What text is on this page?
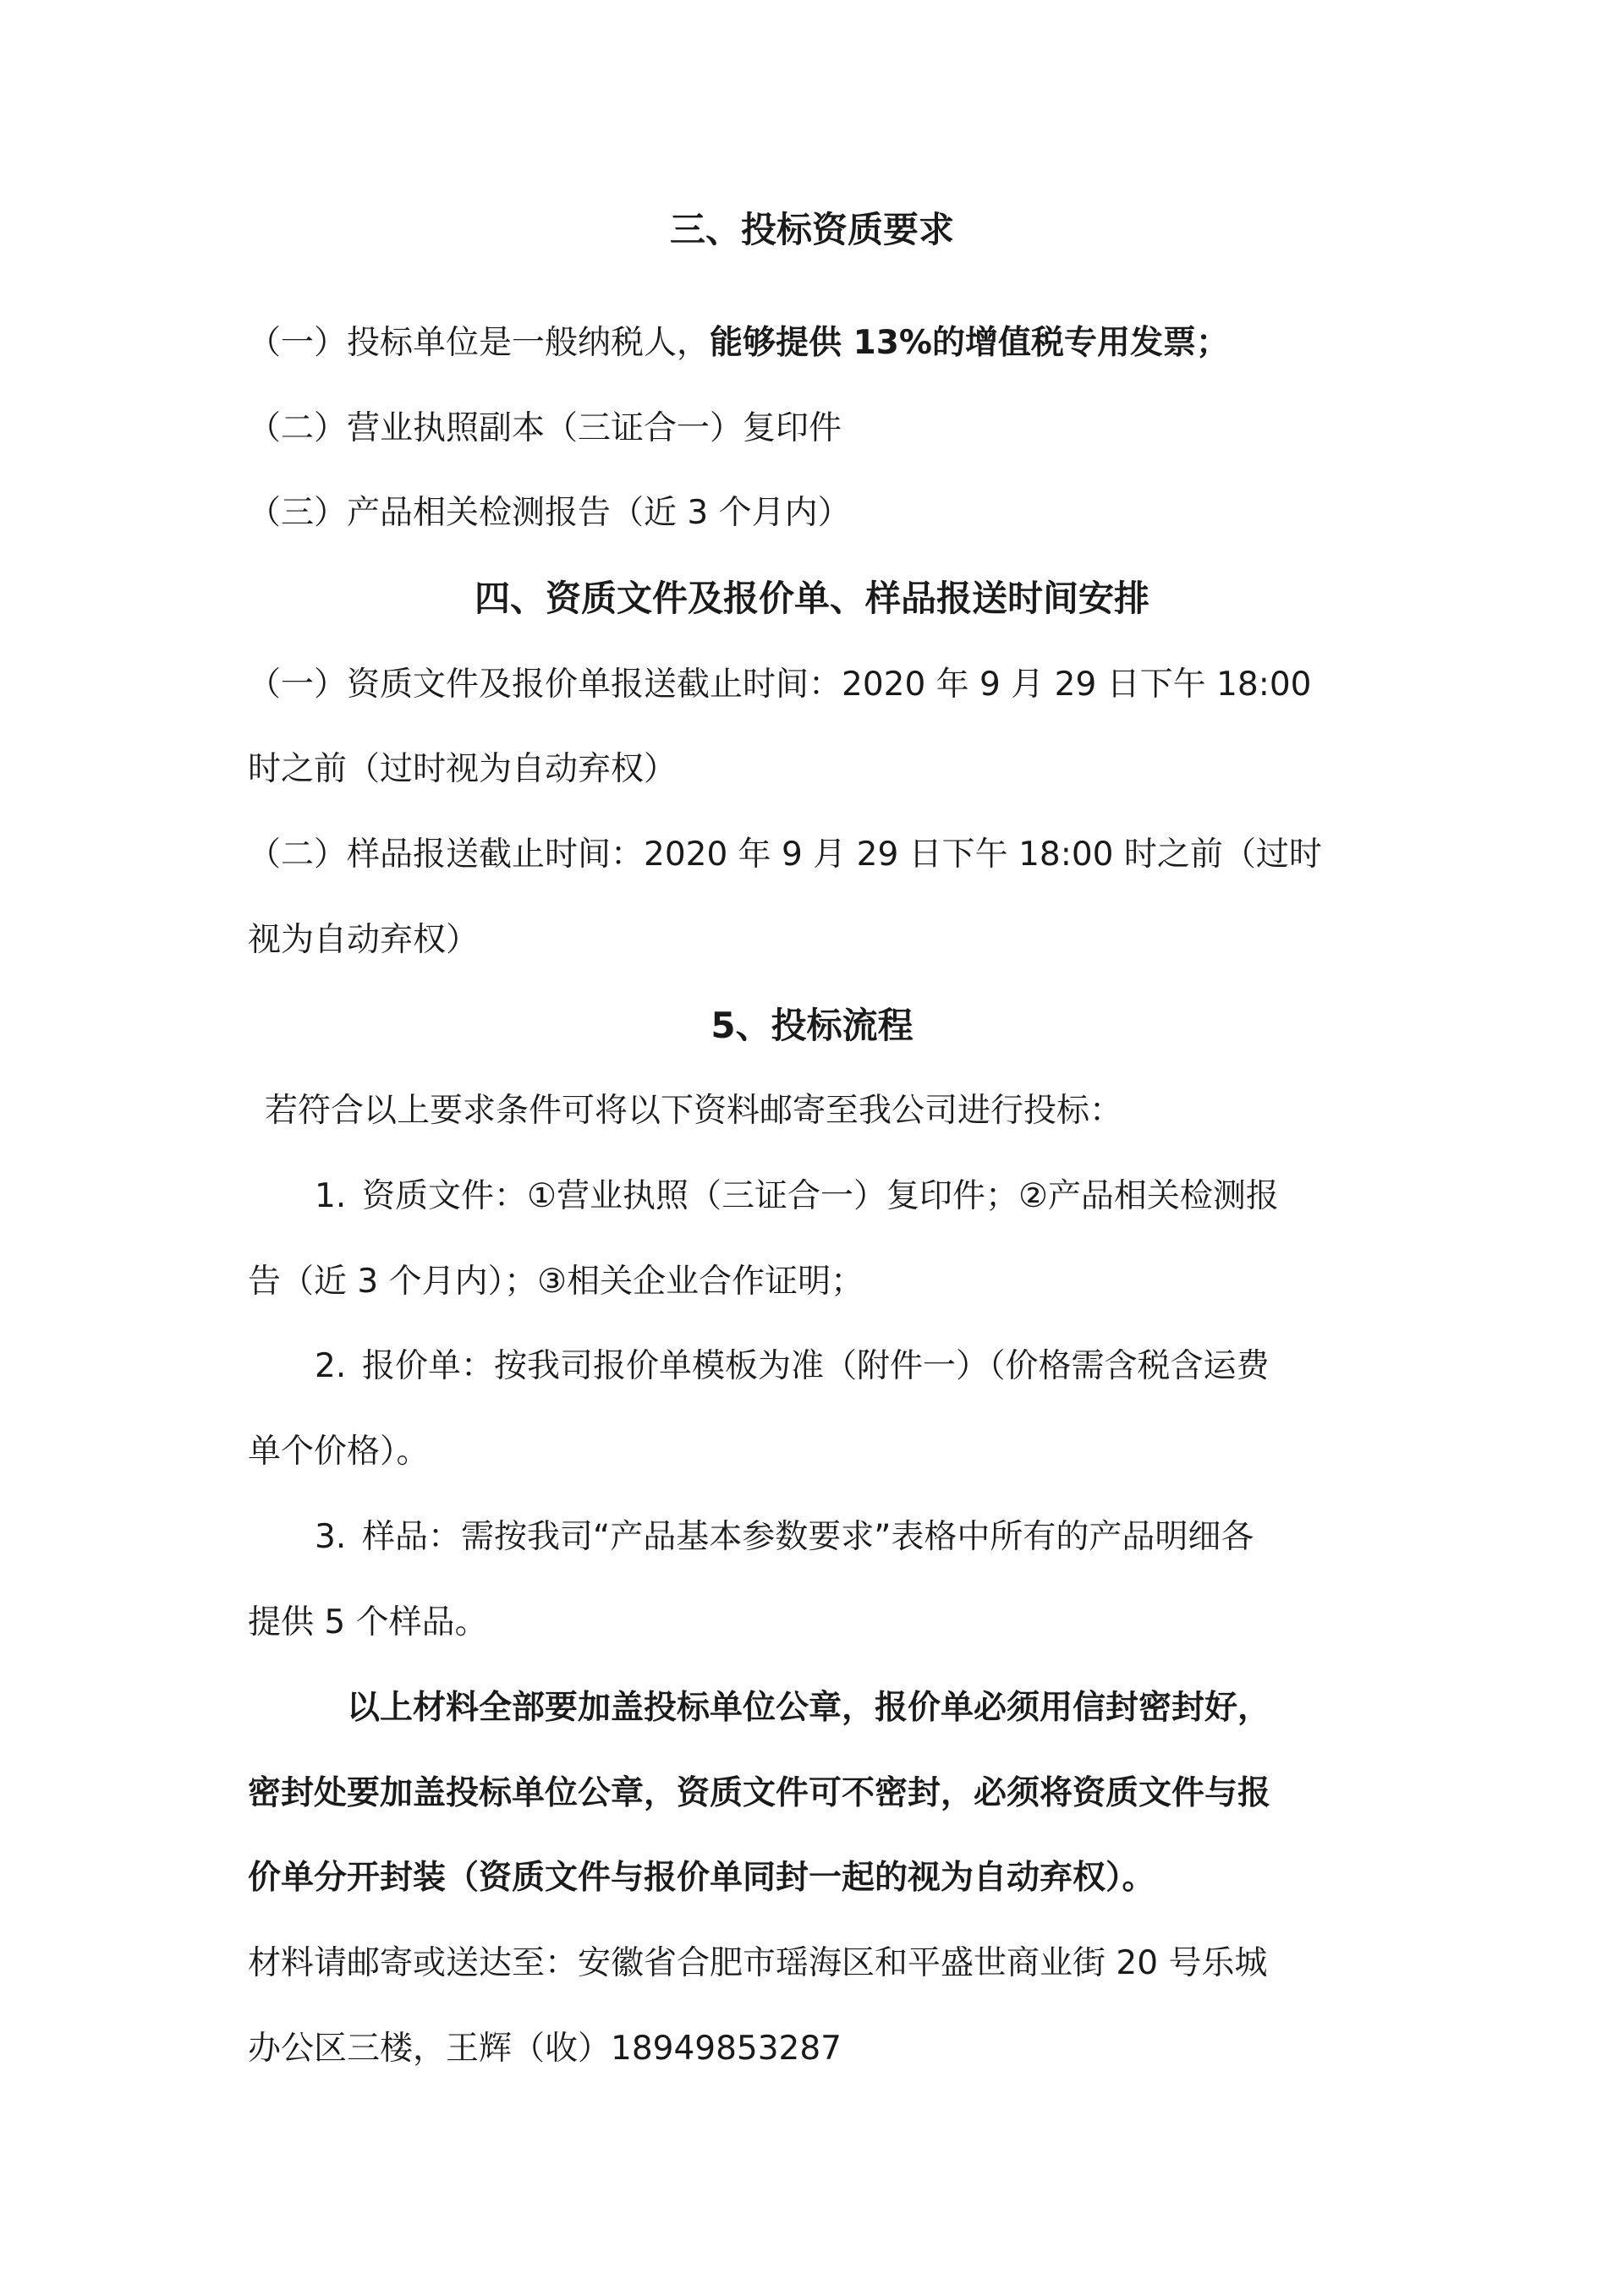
三、投标资质要求
（一）投标单位是一般纳税人，能够提供 13%的增值税专用发票；
（二）营业执照副本（三证合一）复印件
（三）产品相关检测报告（近 3 个月内）
四、资质文件及报价单、样品报送时间安排
（一）资质文件及报价单报送截止时间：2020 年 9 月 29 日下午 18:00
时之前（过时视为自动弃权）
（二）样品报送截止时间：2020 年 9 月 29 日下午 18:00 时之前（过时
视为自动弃权）
5、投标流程
若符合以上要求条件可将以下资料邮寄至我公司进行投标：
1. 资质文件：①营业执照（三证合一）复印件；②产品相关检测报
告（近 3 个月内）；③相关企业合作证明；
2. 报价单：按我司报价单模板为准（附件一）（价格需含税含运费
单个价格）。
3. 样品：需按我司“产品基本参数要求”表格中所有的产品明细各
提供 5 个样品。
以上材料全部要加盖投标单位公章，报价单必须用信封密封好，
密封处要加盖投标单位公章，资质文件可不密封，必须将资质文件与报
价单分开封装（资质文件与报价单同封一起的视为自动弃权）。
材料请邮寄或送达至：安徽省合肥市瑶海区和平盛世商业街 20 号乐城
办公区三楼，王辉（收）18949853287
